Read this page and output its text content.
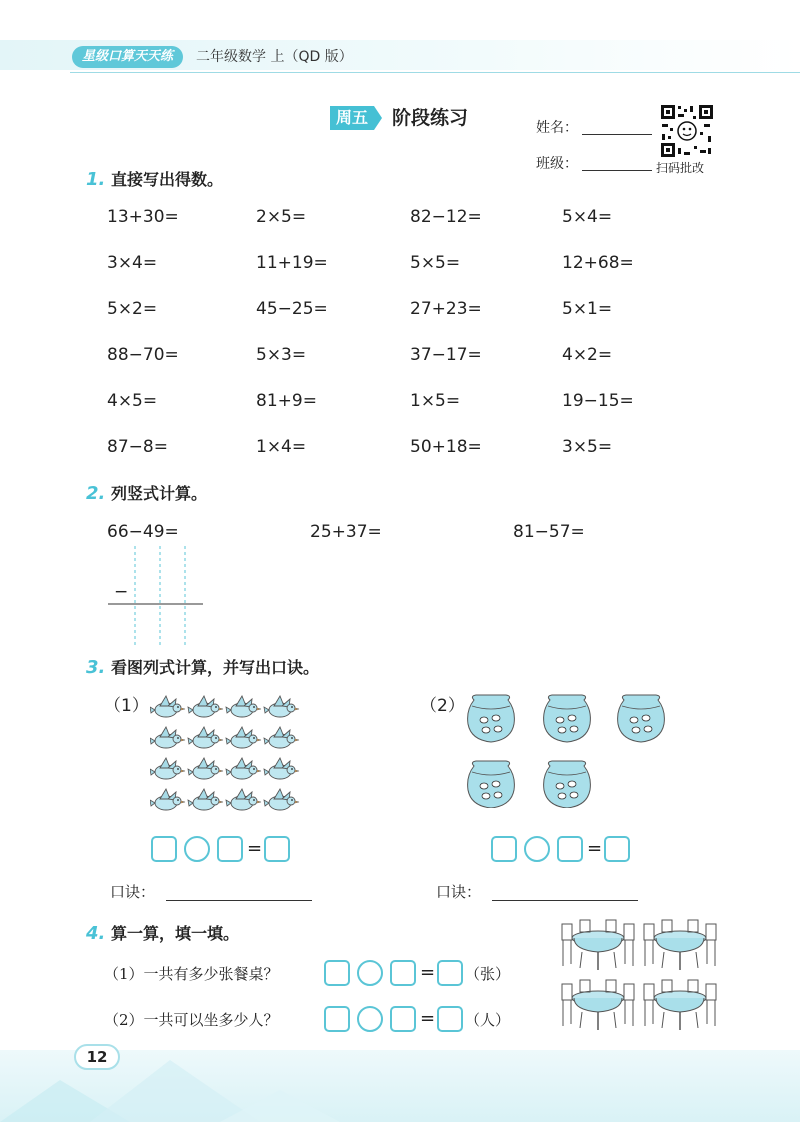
星级口算天天练	二年级数学 上（QD 版）
周五	阶段练习	姓名：
班级：	扫码批改
1. 直接写出得数。
13+30=	2×5=	82−12=	5×4=
3×4=	11+19=	5×5=	12+68=
5×2=	45−25=	27+23=	5×1=
88−70=	5×3=	37−17=	4×2=
4×5=	81+9=	1×5=	19−15=
87−8=	1×4=	50+18=	3×5=
2. 列竖式计算。
66−49=	25+37=	81−57=
−
3. 看图列式计算，并写出口诀。
（1）	（2）
=	=
口诀：	口诀：
4. 算一算，填一填。
（1）一共有多少张餐桌？	= （张）
（2）一共可以坐多少人？	= （人）
12
